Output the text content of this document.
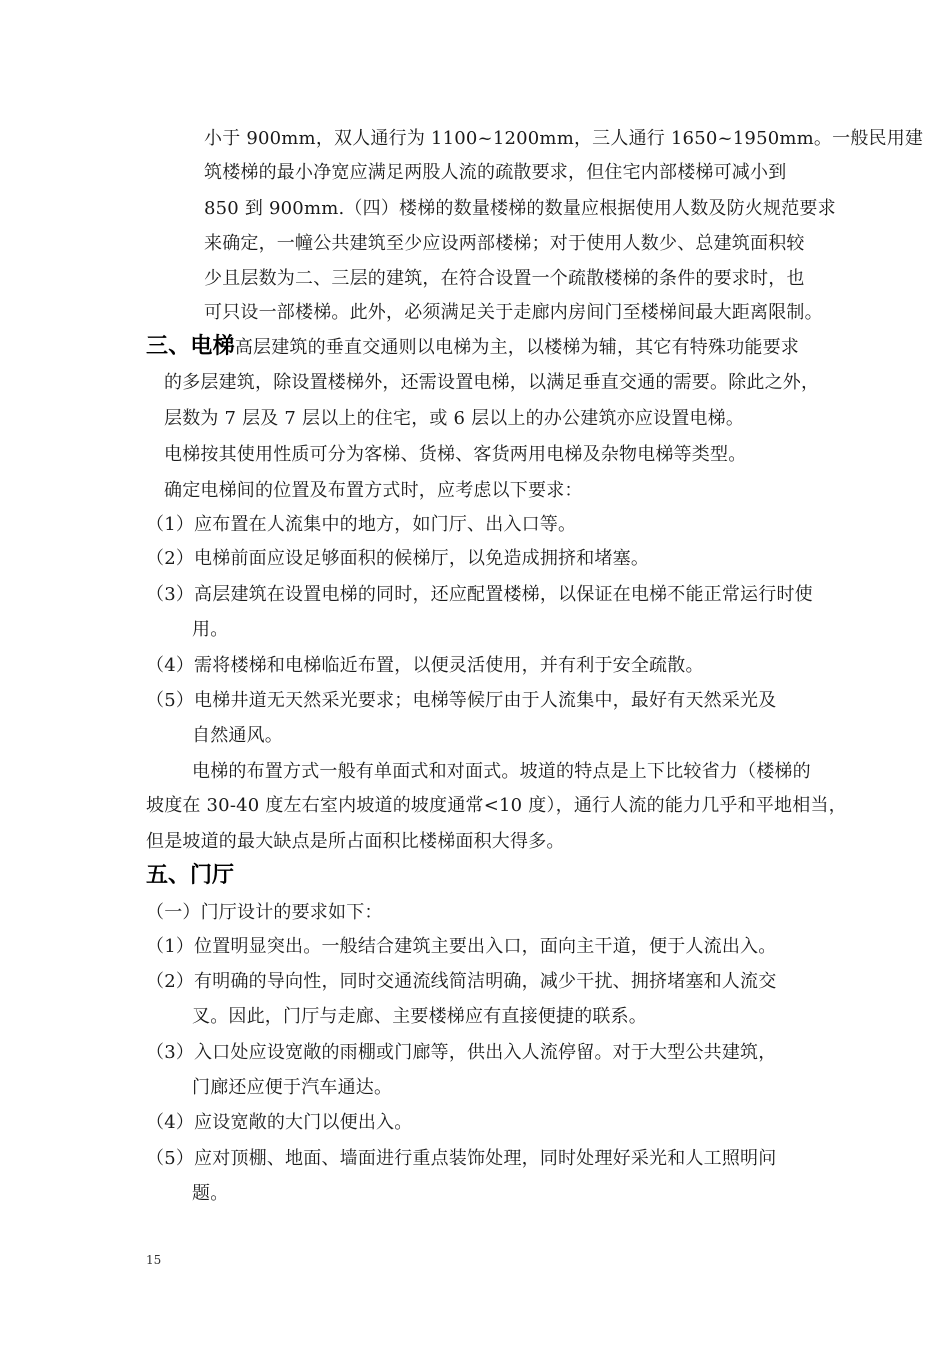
小于 900mm，双人通行为 1100~1200mm，三人通行 1650~1950mm。一般民用建

筑楼梯的最小净宽应满足两股人流的疏散要求，但住宅内部楼梯可减小到

850 到 900mm.（四）楼梯的数量楼梯的数量应根据使用人数及防火规范要求

来确定，一幢公共建筑至少应设两部楼梯；对于使用人数少、总建筑面积较

少且层数为二、三层的建筑，在符合设置一个疏散楼梯的条件的要求时，也

可只设一部楼梯。此外，必须满足关于走廊内房间门至楼梯间最大距离限制。

三、电梯高层建筑的垂直交通则以电梯为主，以楼梯为辅，其它有特殊功能要求

的多层建筑，除设置楼梯外，还需设置电梯，以满足垂直交通的需要。除此之外，

层数为 7 层及 7 层以上的住宅，或 6 层以上的办公建筑亦应设置电梯。

电梯按其使用性质可分为客梯、货梯、客货两用电梯及杂物电梯等类型。

确定电梯间的位置及布置方式时，应考虑以下要求：

（1）应布置在人流集中的地方，如门厅、出入口等。

（2）电梯前面应设足够面积的候梯厅，以免造成拥挤和堵塞。

（3）高层建筑在设置电梯的同时，还应配置楼梯，以保证在电梯不能正常运行时使

用。

（4）需将楼梯和电梯临近布置，以便灵活使用，并有利于安全疏散。

（5）电梯井道无天然采光要求；电梯等候厅由于人流集中，最好有天然采光及

自然通风。

电梯的布置方式一般有单面式和对面式。坡道的特点是上下比较省力（楼梯的

坡度在 30-40 度左右室内坡道的坡度通常<10 度），通行人流的能力几乎和平地相当，

但是坡道的最大缺点是所占面积比楼梯面积大得多。

五、门厅

（一）门厅设计的要求如下：

（1）位置明显突出。一般结合建筑主要出入口，面向主干道，便于人流出入。

（2）有明确的导向性，同时交通流线简洁明确，减少干扰、拥挤堵塞和人流交

叉。因此，门厅与走廊、主要楼梯应有直接便捷的联系。

（3）入口处应设宽敞的雨棚或门廊等，供出入人流停留。对于大型公共建筑，

门廊还应便于汽车通达。

（4）应设宽敞的大门以便出入。

（5）应对顶棚、地面、墙面进行重点装饰处理，同时处理好采光和人工照明问

题。

15
